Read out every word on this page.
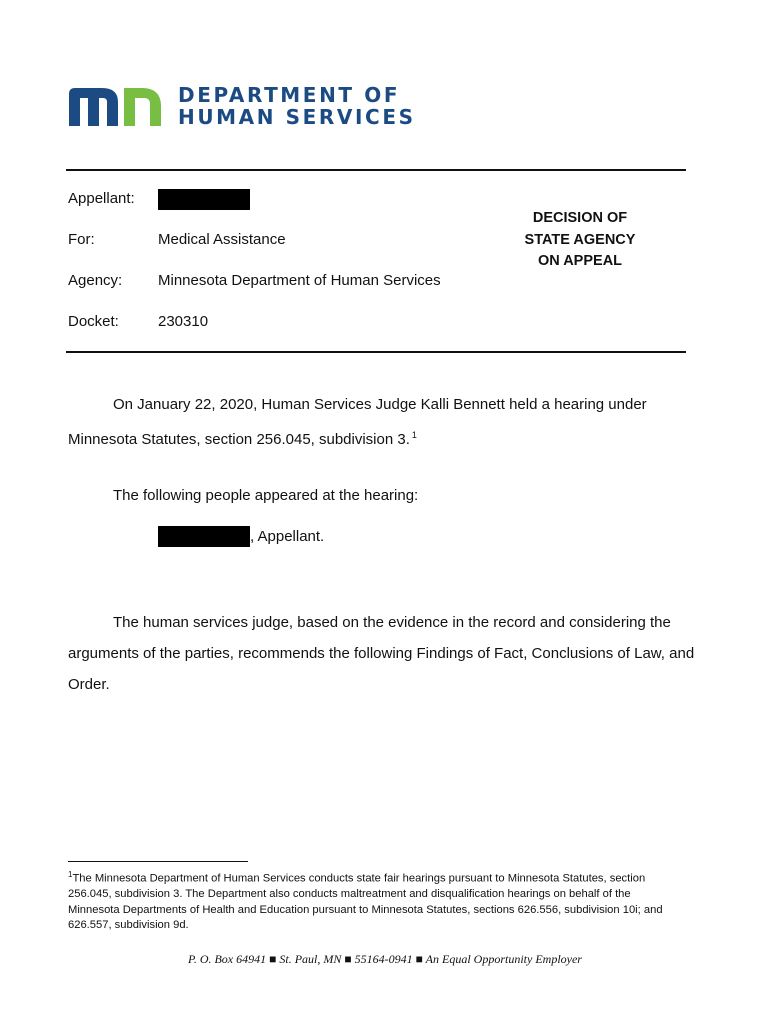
DEPARTMENT OF
HUMAN SERVICES
Appellant:
For:	Medical Assistance
Agency: Minnesota Department of Human Services
Docket:	230310
DECISION OF
STATE AGENCY
ON APPEAL
On January 22, 2020, Human Services Judge Kalli Bennett held a hearing under
Minnesota Statutes, section 256.045, subdivision 3. $^1$
The following people appeared at the hearing:
, Appellant.
The human services judge, based on the evidence in the record and considering the
arguments of the parties, recommends the following Findings of Fact, Conclusions of Law, and
Order.
$^1$The Minnesota Department of Human Services conducts state fair hearings pursuant to Minnesota Statutes, section
256.045, subdivision 3. The Department also conducts maltreatment and disqualification hearings on behalf of the
Minnesota Departments of Health and Education pursuant to Minnesota Statutes, sections 626.556, subdivision 10i; and
626.557, subdivision 9d.
P. O. Box 64941 ■ St. Paul, MN ■ 55164-0941 ■ An Equal Opportunity Employer
